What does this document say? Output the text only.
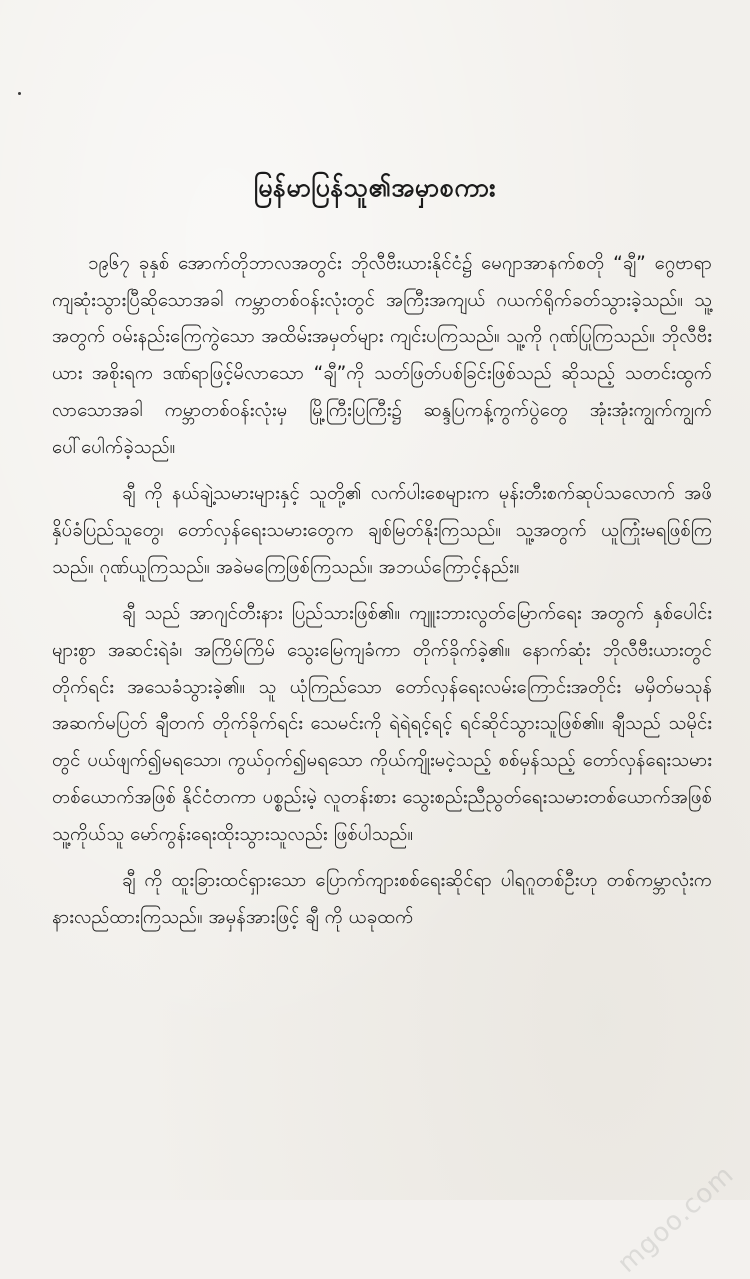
မြန်မာပြန်သူ၏အမှာစကား

၁၉၆၇ ခုနှစ် အောက်တိုဘာလအတွင်း ဘိုလီဗီးယားနိုင်ငံ၌ မေဂျာအာနက်စတို “ချီ” ဂွေဗာရာ ကျဆုံးသွားပြီဆိုသောအခါ ကမ္ဘာတစ်ဝန်းလုံးတွင် အကြီးအကျယ် ဂယက်ရိုက်ခတ်သွားခဲ့သည်။ သူ့အတွက် ဝမ်းနည်းကြေကွဲသော အထိမ်းအမှတ်များ ကျင်းပကြသည်။ သူ့ကို ဂုဏ်ပြုကြသည်။ ဘိုလီဗီးယား အစိုးရက ဒဏ်ရာဖြင့်မိလာသော “ချီ”ကို သတ်ဖြတ်ပစ်ခြင်းဖြစ်သည် ဆိုသည့် သတင်းထွက်လာသောအခါ ကမ္ဘာတစ်ဝန်းလုံးမှ မြို့ကြီးပြကြီး၌ ဆန္ဒပြကန့်ကွက်ပွဲတွေ အုံးအုံးကျွက်ကျွက် ပေါ်ပေါက်ခဲ့သည်။

ချီ ကို နယ်ချဲ့သမားများနှင့် သူတို့၏ လက်ပါးစေများက မုန်းတီးစက်ဆုပ်သလောက် အဖိနှိပ်ခံပြည်သူတွေ၊ တော်လှန်ရေးသမားတွေက ချစ်မြတ်နိုးကြသည်။ သူ့အတွက် ယူကြုံးမရဖြစ်ကြသည်။ ဂုဏ်ယူကြသည်။ အခဲမကြေဖြစ်ကြသည်။ အဘယ်ကြောင့်နည်း။

ချီ သည် အာဂျင်တီးနား ပြည်သားဖြစ်၏။ ကျူးဘားလွတ်မြောက်ရေး အတွက် နှစ်ပေါင်းများစွာ အဆင်းရဲခံ၊ အကြိမ်ကြိမ် သွေးမြေကျခံကာ တိုက်ခိုက်ခဲ့၏။ နောက်ဆုံး ဘိုလီဗီးယားတွင် တိုက်ရင်း အသေခံသွားခဲ့၏။ သူ ယုံကြည်သော တော်လှန်ရေးလမ်းကြောင်းအတိုင်း မမှိတ်မသုန် အဆက်မပြတ် ချီတက် တိုက်ခိုက်ရင်း သေမင်းကို ရဲရဲရင့်ရင့် ရင်ဆိုင်သွားသူဖြစ်၏။ ချီသည် သမိုင်းတွင် ပယ်ဖျက်၍မရသော၊ ကွယ်ဝှက်၍မရသော ကိုယ်ကျိုးမငဲ့သည့် စစ်မှန်သည့် တော်လှန်ရေးသမားတစ်ယောက်အဖြစ် နိုင်ငံတကာ ပစ္စည်းမဲ့ လူတန်းစား သွေးစည်းညီညွတ်ရေးသမားတစ်ယောက်အဖြစ် သူ့ကိုယ်သူ မော်ကွန်းရေးထိုးသွားသူလည်း ဖြစ်ပါသည်။

ချီ ကို ထူးခြားထင်ရှားသော ပြောက်ကျားစစ်ရေးဆိုင်ရာ ပါရဂူတစ်ဦးဟု တစ်ကမ္ဘာလုံးက နားလည်ထားကြသည်။ အမှန်အားဖြင့် ချီ ကို ယခုထက်

mgoo.com
